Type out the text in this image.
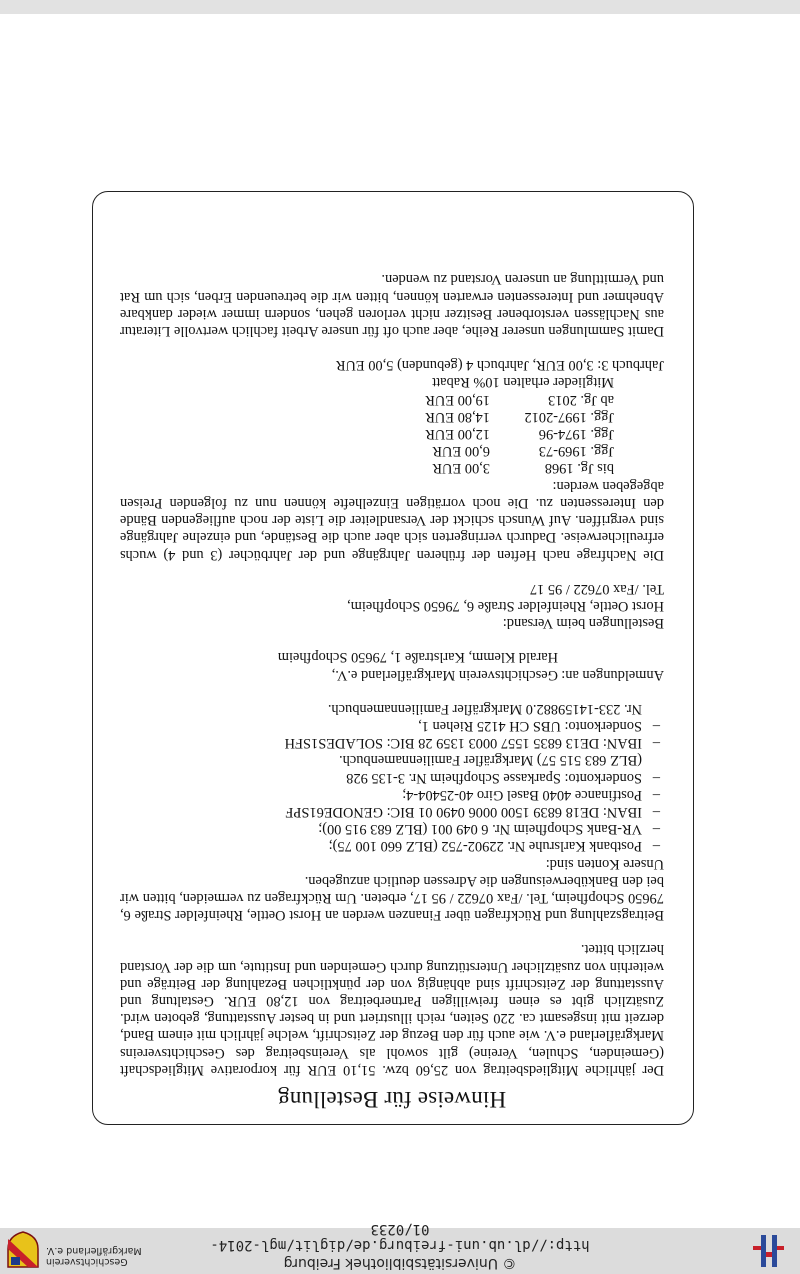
© Universitätsbibliothek Freiburg
http://dl.ub.uni-freiburg.de/diglit/mgl-2014-01/0233
Geschichtsverein
Markgräflerland e.V.
Hinweise für Bestellung

Der jährliche Mitgliedsbeitrag von 25,60 bzw. 51,10 EUR für korporative Mitgliedschaft (Gemeinden, Schulen, Vereine) gilt sowohl als Vereinsbeitrag des Geschichtsvereins Markgräflerland e.V. wie auch für den Bezug der Zeitschrift, welche jährlich mit einem Band, derzeit mit insgesamt ca. 220 Seiten, reich illustriert und in bester Ausstattung, geboten wird. Zusätzlich gibt es einen freiwilligen Partnerbeitrag von 12,80 EUR. Gestaltung und Ausstattung der Zeitschrift sind abhängig von der pünktlichen Bezahlung der Beiträge und weiterhin von zusätzlicher Unterstützung durch Gemeinden und Institute, um die der Vorstand herzlich bittet.

Beitragszahlung und Rückfragen über Finanzen werden an Horst Oettle, Rheinfelder Straße 6, 79650 Schopfheim, Tel. /Fax 07622 / 95 17, erbeten. Um Rückfragen zu vermeiden, bitten wir bei den Banküberweisungen die Adressen deutlich anzugeben.

Unsere Konten sind:
– Postbank Karlsruhe Nr. 22902-752 (BLZ 660 100 75);
– VR-Bank Schopfheim Nr. 6 049 001 (BLZ 683 915 00);
– IBAN: DE18 6839 1500 0006 0490 01 BIC: GENODE61SPF
– Postfinance 4040 Basel Giro 40-25404-4;
– Sonderkonto: Sparkasse Schopfheim Nr. 3-135 928
(BLZ 683 515 57) Markgräfler Familiennamenbuch.
– IBAN: DE13 6835 1557 0003 1359 28 BIC: SOLADES1SFH
– Sonderkonto: UBS CH 4125 Riehen 1,
Nr. 233-14159882.0 Markgräfler Familiennamenbuch.
Anmeldungen an:
Geschichtsverein Markgräflerland e.V.,
Harald Klemm, Karlstraße 1, 79650 Schopfheim
Bestellungen beim Versand:
Horst Oettle, Rheinfelder Straße 6, 79650 Schopfheim,
Tel. /Fax 07622 / 95 17

Die Nachfrage nach Heften der früheren Jahrgänge und der Jahrbücher (3 und 4) wuchs erfreulicherweise. Dadurch verringerten sich aber auch die Bestände, und einzelne Jahrgänge sind vergriffen. Auf Wunsch schickt der Versandleiter die Liste der noch aufliegenden Bände den Interessenten zu. Die noch vorrätigen Einzelhefte können nun zu folgenden Preisen abgegeben werden:

bis Jg. 1968
3,00 EUR
Jgg. 1969-73
6,00 EUR
Jgg. 1974-96
12,00 EUR
Jgg. 1997-2012
14,80 EUR
ab Jg. 2013
19,00 EUR
Mitglieder erhalten 10% Rabatt
Jahrbuch 3: 3,00 EUR, Jahrbuch 4 (gebunden) 5,00 EUR

Damit Sammlungen unserer Reihe, aber auch oft für unsere Arbeit fachlich wertvolle Literatur aus Nachlässen verstorbener Besitzer nicht verloren gehen, sondern immer wieder dankbare Abnehmer und Interessenten erwarten können, bitten wir die betreuenden Erben, sich um Rat und Vermittlung an unseren Vorstand zu wenden.
